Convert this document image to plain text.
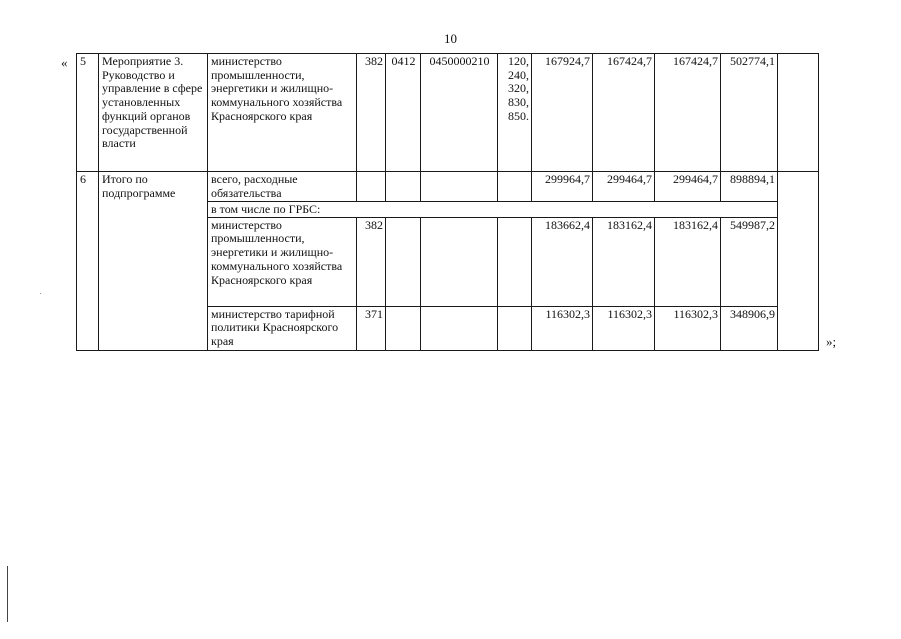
10
«
»;
5	Мероприятие 3. Руководство и управление в сфере установленных функций органов государственной власти	министерство промышленности, энергетики и жилищно-коммунального хозяйства Красноярского края	382	0412	0450000210	120, 240, 320, 830, 850.	167924,7	167424,7	167424,7	502774,1	
6	Итого по подпрограмме	всего, расходные обязательства					299964,7	299464,7	299464,7	898894,1	
		в том числе по ГРБС:									
		министерство промышленности, энергетики и жилищно-коммунального хозяйства Красноярского края	382				183662,4	183162,4	183162,4	549987,2	
		министерство тарифной политики Красноярского края	371				116302,3	116302,3	116302,3	348906,9	
